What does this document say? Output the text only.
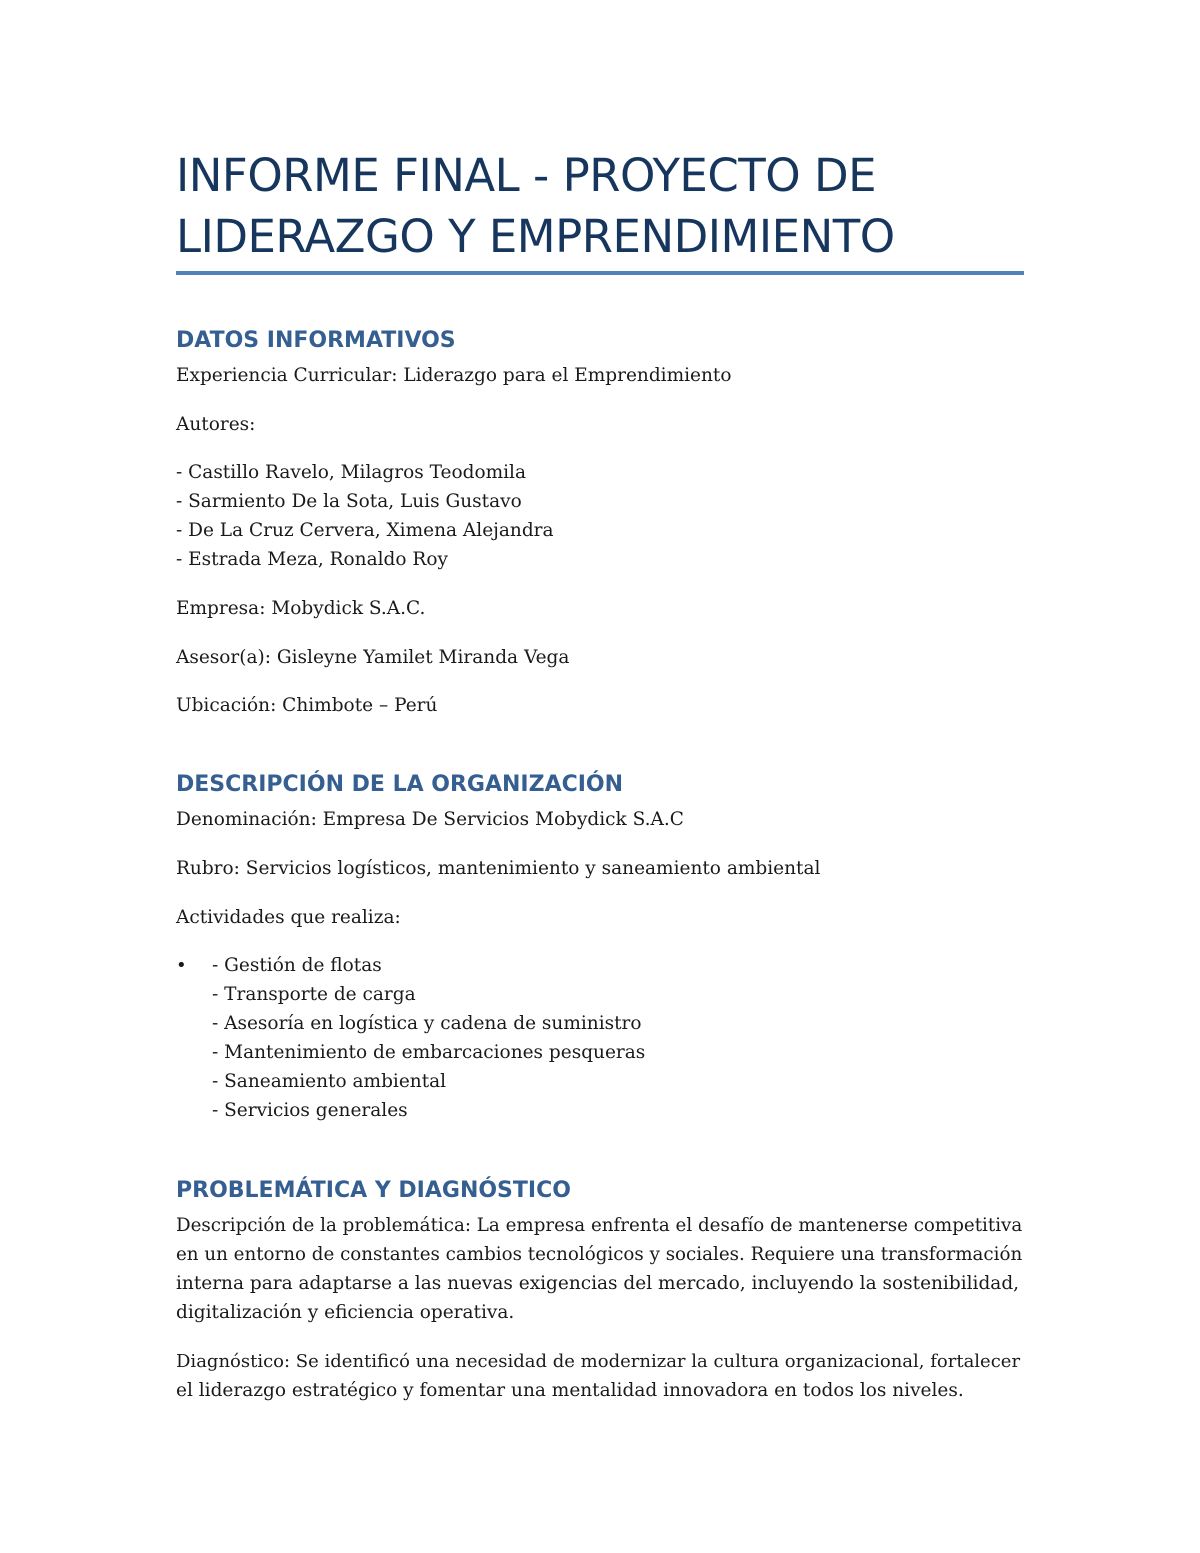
INFORME FINAL - PROYECTO DE
LIDERAZGO Y EMPRENDIMIENTO
DATOS INFORMATIVOS

Experiencia Curricular: Liderazgo para el Emprendimiento

Autores:

- Castillo Ravelo, Milagros Teodomila
- Sarmiento De la Sota, Luis Gustavo
- De La Cruz Cervera, Ximena Alejandra
- Estrada Meza, Ronaldo Roy

Empresa: Mobydick S.A.C.

Asesor(a): Gisleyne Yamilet Miranda Vega

Ubicación: Chimbote – Perú

DESCRIPCIÓN DE LA ORGANIZACIÓN

Denominación: Empresa De Servicios Mobydick S.A.C

Rubro: Servicios logísticos, mantenimiento y saneamiento ambiental

Actividades que realiza:

• - Gestión de flotas
- Transporte de carga
- Asesoría en logística y cadena de suministro
- Mantenimiento de embarcaciones pesqueras
- Saneamiento ambiental
- Servicios generales
PROBLEMÁTICA Y DIAGNÓSTICO
Descripción de la problemática: La empresa enfrenta el desafío de mantenerse competitiva
en un entorno de constantes cambios tecnológicos y sociales. Requiere una transformación
interna para adaptarse a las nuevas exigencias del mercado, incluyendo la sostenibilidad,
digitalización y eficiencia operativa.
Diagnóstico: Se identificó una necesidad de modernizar la cultura organizacional, fortalecer
el liderazgo estratégico y fomentar una mentalidad innovadora en todos los niveles.
